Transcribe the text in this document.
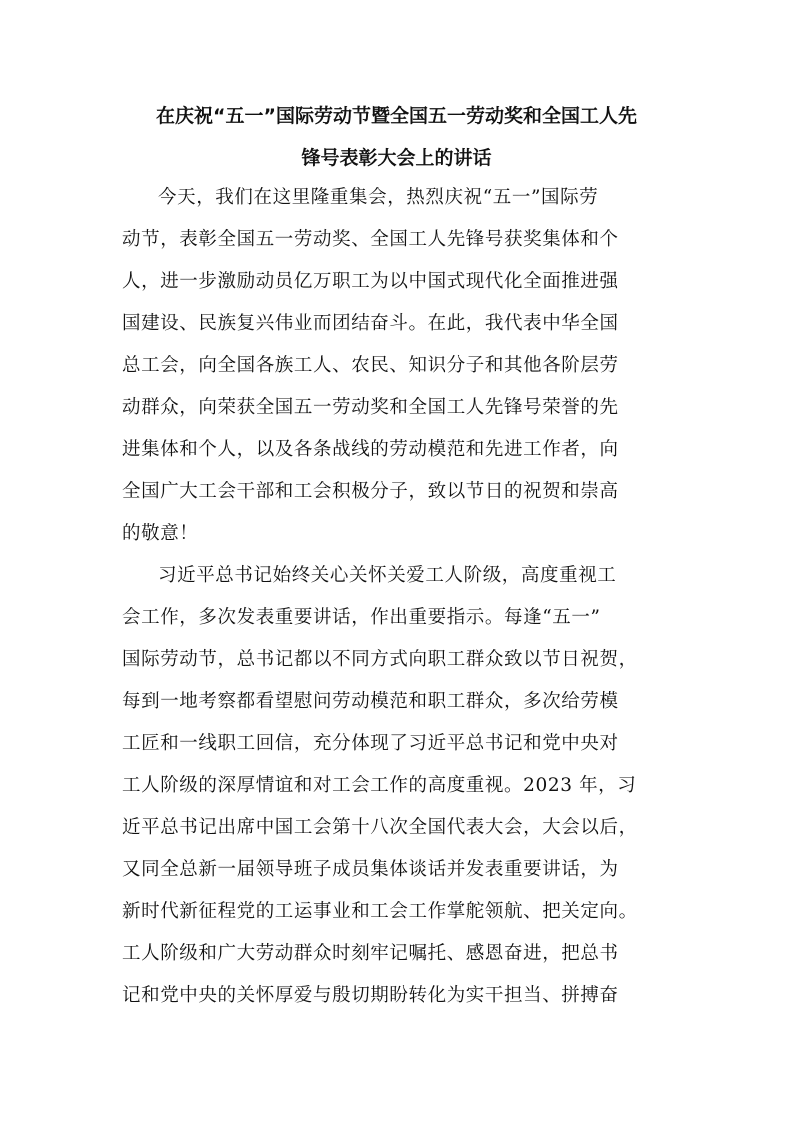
在庆祝“五一”国际劳动节暨全国五一劳动奖和全国工人先
锋号表彰大会上的讲话
今天，我们在这里隆重集会，热烈庆祝“五一”国际劳
动节，表彰全国五一劳动奖、全国工人先锋号获奖集体和个
人，进一步激励动员亿万职工为以中国式现代化全面推进强
国建设、民族复兴伟业而团结奋斗。在此，我代表中华全国
总工会，向全国各族工人、农民、知识分子和其他各阶层劳
动群众，向荣获全国五一劳动奖和全国工人先锋号荣誉的先
进集体和个人，以及各条战线的劳动模范和先进工作者，向
全国广大工会干部和工会积极分子，致以节日的祝贺和崇高
的敬意！
习近平总书记始终关心关怀关爱工人阶级，高度重视工
会工作，多次发表重要讲话，作出重要指示。每逢“五一”
国际劳动节，总书记都以不同方式向职工群众致以节日祝贺，
每到一地考察都看望慰问劳动模范和职工群众，多次给劳模
工匠和一线职工回信，充分体现了习近平总书记和党中央对
工人阶级的深厚情谊和对工会工作的高度重视。2023 年，习
近平总书记出席中国工会第十八次全国代表大会，大会以后，
又同全总新一届领导班子成员集体谈话并发表重要讲话，为
新时代新征程党的工运事业和工会工作掌舵领航、把关定向。
工人阶级和广大劳动群众时刻牢记嘱托、感恩奋进，把总书
记和党中央的关怀厚爱与殷切期盼转化为实干担当、拼搏奋
